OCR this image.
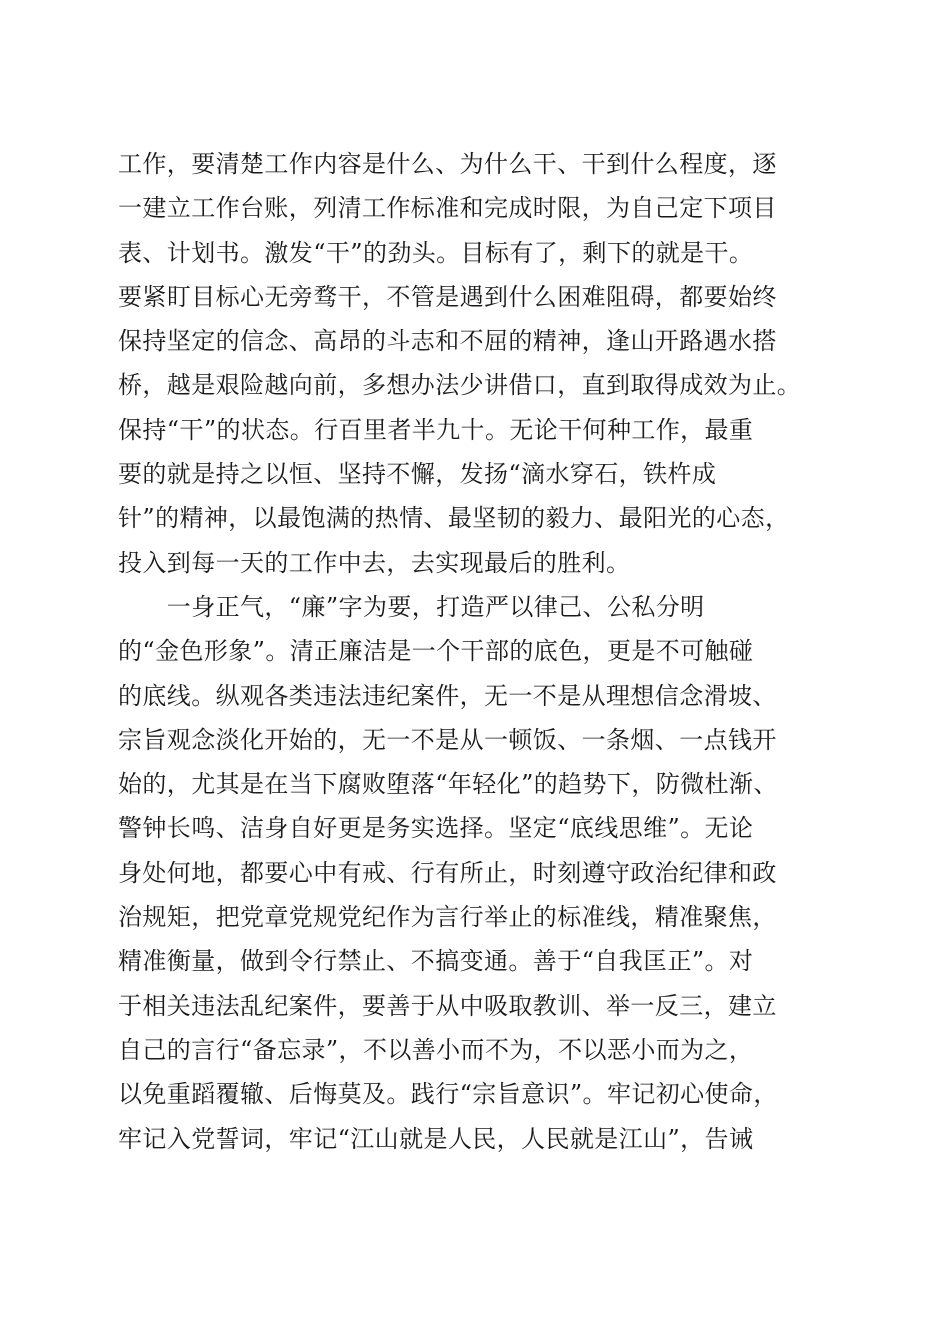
工作，要清楚工作内容是什么、为什么干、干到什么程度，逐
一建立工作台账，列清工作标准和完成时限，为自己定下项目
表、计划书。激发“干”的劲头。目标有了，剩下的就是干。
要紧盯目标心无旁骛干，不管是遇到什么困难阻碍，都要始终
保持坚定的信念、高昂的斗志和不屈的精神，逢山开路遇水搭
桥，越是艰险越向前，多想办法少讲借口，直到取得成效为止。
保持“干”的状态。行百里者半九十。无论干何种工作，最重
要的就是持之以恒、坚持不懈，发扬“滴水穿石，铁杵成
针”的精神，以最饱满的热情、最坚韧的毅力、最阳光的心态，
投入到每一天的工作中去，去实现最后的胜利。
　　一身正气，“廉”字为要，打造严以律己、公私分明
的“金色形象”。清正廉洁是一个干部的底色，更是不可触碰
的底线。纵观各类违法违纪案件，无一不是从理想信念滑坡、
宗旨观念淡化开始的，无一不是从一顿饭、一条烟、一点钱开
始的，尤其是在当下腐败堕落“年轻化”的趋势下，防微杜渐、
警钟长鸣、洁身自好更是务实选择。坚定“底线思维”。无论
身处何地，都要心中有戒、行有所止，时刻遵守政治纪律和政
治规矩，把党章党规党纪作为言行举止的标准线，精准聚焦，
精准衡量，做到令行禁止、不搞变通。善于“自我匡正”。对
于相关违法乱纪案件，要善于从中吸取教训、举一反三，建立
自己的言行“备忘录”，不以善小而不为，不以恶小而为之，
以免重蹈覆辙、后悔莫及。践行“宗旨意识”。牢记初心使命，
牢记入党誓词，牢记“江山就是人民，人民就是江山”，告诫
